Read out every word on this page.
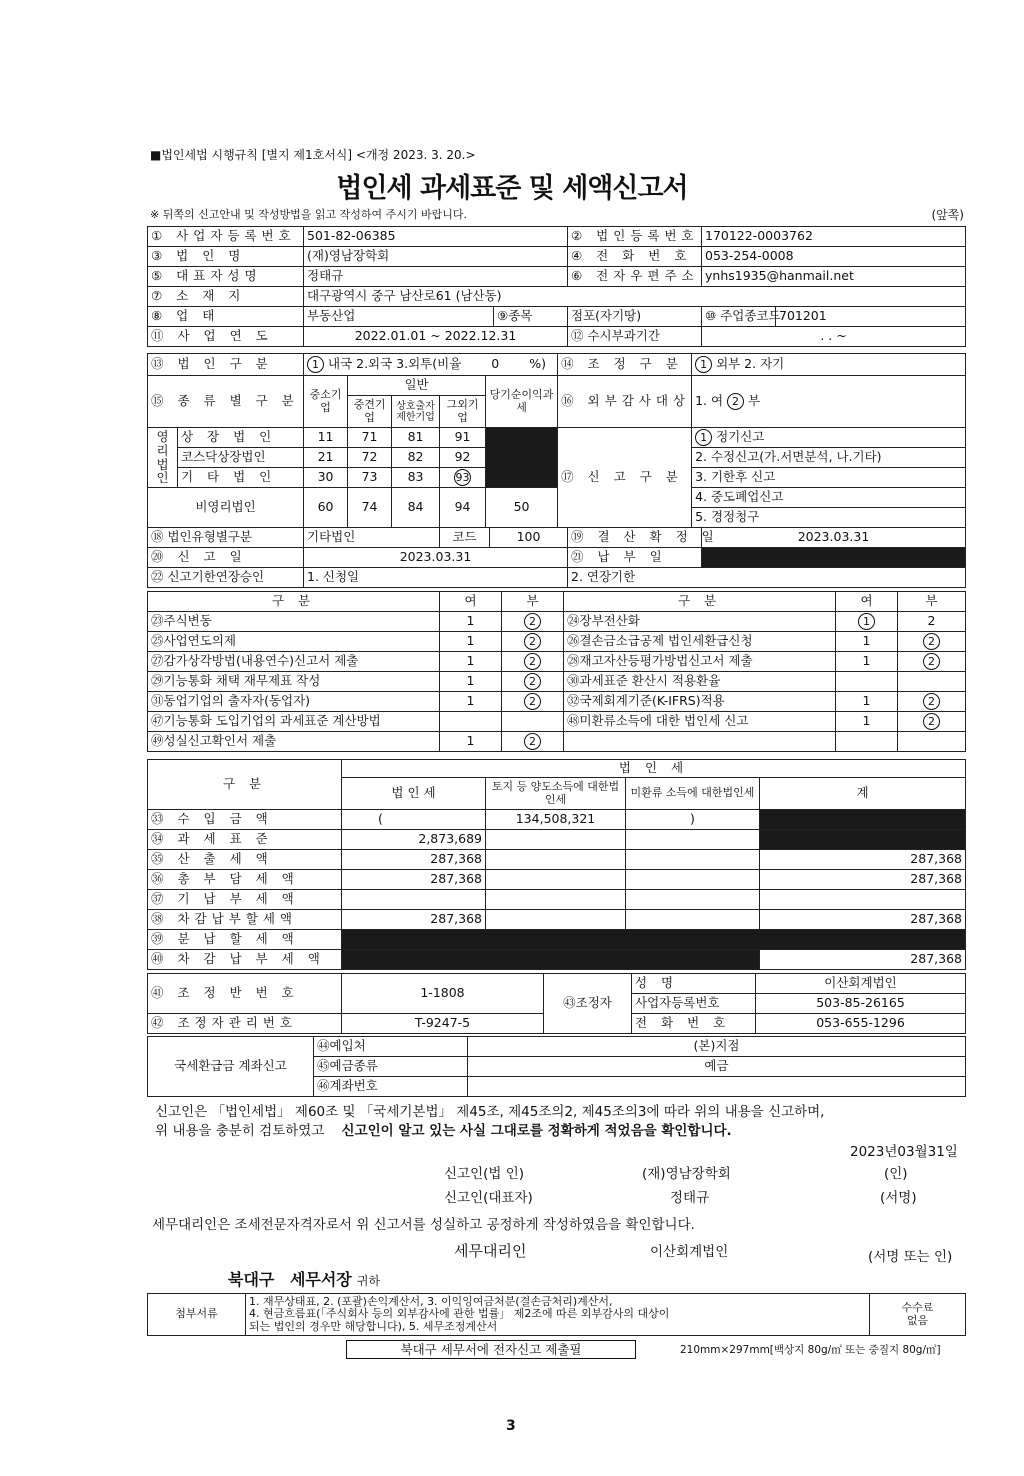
■법인세법 시행규칙 [별지 제1호서식] <개정 2023. 3. 20.>
법인세 과세표준 및 세액신고서
※ 뒤쪽의 신고안내 및 작성방법을 읽고 작성하여 주시기 바랍니다.	(앞쪽)
① 사업자등록번호	501-82-06385	② 법인등록번호	170122-0003762
③ 법 인 명	(재)영남장학회	④ 전 화 번 호	053-254-0008
⑤ 대표자성명	정태규	⑥ 전자우편주소	ynhs1935@hanmail.net
⑦ 소 재 지	대구광역시 중구 남산로61 (남산동)		
⑧ 업 태	부동산업	⑨종목	점포(자기땅)	⑩ 주업종코드	701201
⑪ 사 업 연 도	2022.01.01 ~ 2022.12.31		⑫ 수시부과기간	. . ~	
⑬ 법 인 구 분		1 내국 2.외국 3.외투(비율 0 %)					⑭ 조 정 구 분	1 외부 2. 자기
⑮ 종 류 별 구 분		중소기업	일반			당기순이익과세	⑯ 외부감사대상	1. 여 2 부
			중견기업	상호출자제한기업	그외기업			
영리법인	상 장 법 인	11	71	81	91		⑰ 신 고 구 분	1 정기신고
	코스닥상장법인	21	72	82	92			2. 수정신고(가.서면분석, 나.기타)
	기 타 법 인	30	73	83	93			3. 기한후 신고
비영리법인		60	74	84	94	50		4. 중도폐업신고
								5. 경정청구
⑱ 법인유형별구분	기타법인	코드	100	⑲ 결 산 확 정 일	2023.03.31
⑳ 신 고 일	2023.03.31			㉑ 납 부 일	
㉒ 신고기한연장승인	1. 신청일			2. 연장기한	
구 분	여	부	구 분	여	부
㉓주식변동	1	2	㉔장부전산화	1	2
㉕사업연도의제	1	2	㉖결손금소급공제 법인세환급신청	1	2
㉗감가상각방법(내용연수)신고서 제출	1	2	㉘재고자산등평가방법신고서 제출	1	2
㉙기능통화 채택 재무제표 작성	1	2	㉚과세표준 환산시 적용환율		
㉛동업기업의 출자자(동업자)	1	2	㉜국제회계기준(K-IFRS)적용	1	2
㊼기능통화 도입기업의 과세표준 계산방법			㊽미환류소득에 대한 법인세 신고	1	2
㊾성실신고확인서 제출	1	2			
구 분	법 인 세			
	법 인 세	토지 등 양도소득에 대한법인세	미환류 소득에 대한법인세	계
㉝ 수 입 금 액	(	134,508,321	)	
㉞ 과 세 표 준	2,873,689			
㉟ 산 출 세 액	287,368			287,368
㊱ 총 부 담 세 액	287,368			287,368
㊲ 기 납 부 세 액				
㊳ 차감납부할세액	287,368			287,368
㊴ 분 납 할 세 액				
㊵ 차 감 납 부 세 액				287,368
㊶ 조 정 반 번 호	1-1808	㊸조정자	성 명	이산회계법인
			사업자등록번호	503-85-26165
㊷ 조정자관리번호	T-9247-5		전 화 번 호	053-655-1296
국세환급금 계좌신고	㊹예입처	(본)지점
	㊺예금종류	예금
	㊻계좌번호	
신고인은 「법인세법」 제60조 및 「국세기본법」 제45조, 제45조의2, 제45조의3에 따라 위의 내용을 신고하며,
위 내용을 충분히 검토하였고 신고인이 알고 있는 사실 그대로를 정확하게 적었음을 확인합니다.
2023년03월31일
신고인(법 인)	(재)영남장학회	(인)
신고인(대표자)	정태규	(서명)
세무대리인은 조세전문자격자로서 위 신고서를 성실하고 공정하게 작성하였음을 확인합니다.
세무대리인	이산회계법인	(서명 또는 인)
북대구 세무서장 귀하
첨부서류	
1. 재무상태표, 2. (포괄)손익계산서, 3. 이익잉여금처분(결손금처리)계산서,
4. 현금흐름표(「주식회사 등의 외부감사에 관한 법률」 제2조에 따른 외부감사의 대상이
되는 법인의 경우만 해당합니다), 5. 세무조정계산서

수수료
없음
북대구 세무서에 전자신고 제출필	210mm×297mm[백상지 80g/㎡ 또는 중질지 80g/㎡]
3
